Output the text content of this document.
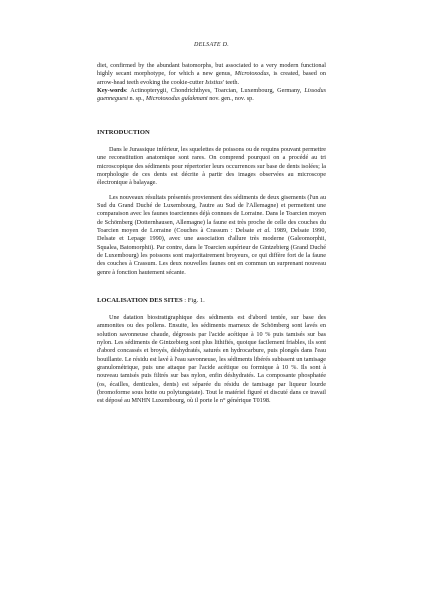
DELSATE D.

diet, confirmed by the abundant batomorphs, but associated to a very modern functional highly secant morphotype, for which a new genus, Microtoxodus, is created, based on arrow-head teeth evoking the cookie-cutter Isistius' teeth.

Key-words: Actinopterygii, Chondrichthyes, Toarcian, Luxembourg, Germany, Lissodus guenneguesi n. sp., Microtoxodus gulakmani nov. gen., nov. sp.

INTRODUCTION

Dans le Jurassique inférieur, les squelettes de poissons ou de requins pouvant permettre une reconstitution anatomique sont rares. On comprend pourquoi on a procédé au tri microscopique des sédiments pour répertorier leurs occurrences sur base de dents isolées; la morphologie de ces dents est décrite à partir des images observées au microscope électronique à balayage.

Les nouveaux résultats présentés proviennent des sédiments de deux gisements (l'un au Sud du Grand Duché de Luxembourg, l'autre au Sud de l'Allemagne) et permettent une comparaison avec les faunes toarciennes déjà connues de Lorraine. Dans le Toarcien moyen de Schömberg (Dotternhausen, Allemagne) la faune est très proche de celle des couches du Toarcien moyen de Lorraine (Couches à Crassum : Delsate et al. 1989, Delsate 1990, Delsate et Lepage 1990), avec une association d'allure très moderne (Galeomorphii, Squalea, Batomorphii). Par contre, dans le Toarcien supérieur de Gintzebierg (Grand Duché de Luxembourg) les poissons sont majoritairement broyeurs, ce qui diffère fort de la faune des couches à Crassum. Les deux nouvelles faunes ont en commun un surprenant nouveau genre à fonction hautement sécante.

LOCALISATION DES SITES : Fig. 1.

Une datation biostratigraphique des sédiments est d'abord tentée, sur base des ammonites ou des pollens. Ensuite, les sédiments marneux de Schömberg sont lavés en solution savonneuse chaude, dégrossis par l'acide acétique à 10 % puis tamisés sur bas nylon. Les sédiments de Gintzebierg sont plus lithifiés, quoique facilement friables, ils sont d'abord concassés et broyés, déshydratés, saturés en hydrocarbure, puis plongés dans l'eau bouillante. Le résidu est lavé à l'eau savonneuse, les sédiments libérés subissent un tamisage granulométrique, puis une attaque par l'acide acétique ou formique à 10 %. Ils sont à nouveau tamisés puis filtrés sur bas nylon, enfin déshydratés. La composante phosphatée (os, écailles, denticules, dents) est séparée du résidu de tamisage par liqueur lourde (bromoforme sous hotte ou polytungstate). Tout le matériel figuré et discuté dans ce travail est déposé au MNHN Luxembourg, où il porte le n° générique T0198.
